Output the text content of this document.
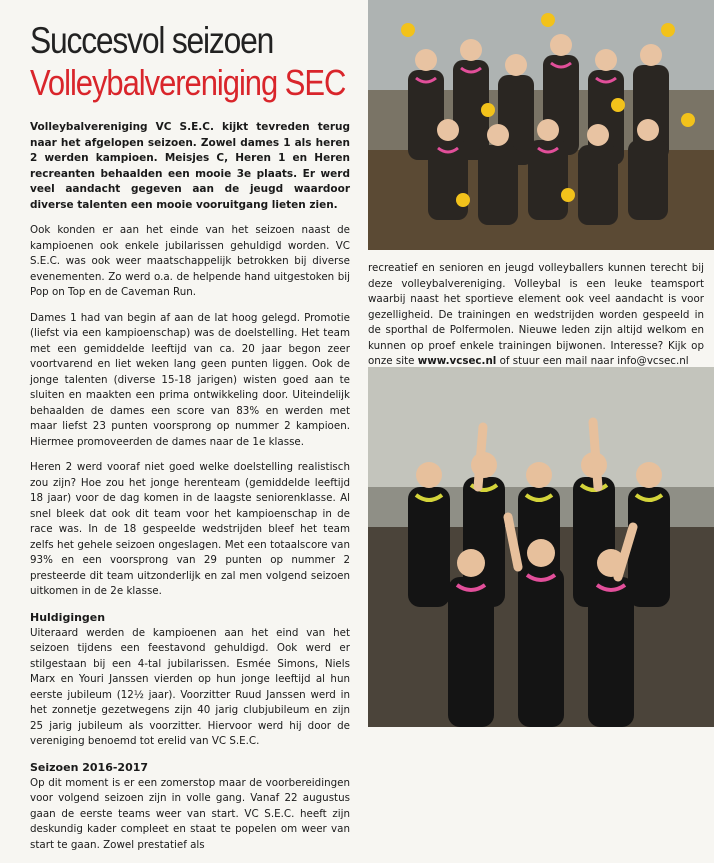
Succesvol seizoen
Volleybalvereniging SEC

Volleybalvereniging VC S.E.C. kijkt tevreden terug naar het afgelopen seizoen. Zowel dames 1 als heren 2 werden kampioen. Meisjes C, Heren 1 en Heren recreanten behaalden een mooie 3e plaats. Er werd veel aandacht gegeven aan de jeugd waardoor diverse talenten een mooie vooruitgang lieten zien.

Ook konden er aan het einde van het seizoen naast de kampioenen ook enkele jubilarissen gehuldigd worden. VC S.E.C. was ook weer maatschappelijk betrokken bij diverse evenementen. Zo werd o.a. de helpende hand uitgestoken bij Pop on Top en de Caveman Run.

Dames 1 had van begin af aan de lat hoog gelegd. Promotie (liefst via een kampioenschap) was de doelstelling. Het team met een gemiddelde leeftijd van ca. 20 jaar begon zeer voortvarend en liet weken lang geen punten liggen. Ook de jonge talenten (diverse 15-18 jarigen) wisten goed aan te sluiten en maakten een prima ontwikkeling door. Uiteindelijk behaalden de dames een score van 83% en werden met maar liefst 23 punten voorsprong op nummer 2 kampioen. Hiermee promoveerden de dames naar de 1e klasse.

Heren 2 werd vooraf niet goed welke doelstelling realistisch zou zijn? Hoe zou het jonge herenteam (gemiddelde leeftijd 18 jaar) voor de dag komen in de laagste seniorenklasse. Al snel bleek dat ook dit team voor het kampioenschap in de race was. In de 18 gespeelde wedstrijden bleef het team zelfs het gehele seizoen ongeslagen. Met een totaalscore van 93% en een voorsprong van 29 punten op nummer 2 presteerde dit team uitzonderlijk en zal men volgend seizoen uitkomen in de 2e klasse.

Huldigingen

Uiteraard werden de kampioenen aan het eind van het seizoen tijdens een feestavond gehuldigd. Ook werd er stilgestaan bij een 4-tal jubilarissen. Esmée Simons, Niels Marx en Youri Janssen vierden op hun jonge leeftijd al hun eerste jubileum (12½ jaar). Voorzitter Ruud Janssen werd in het zonnetje gezetwegens zijn 40 jarig clubjubileum en zijn 25 jarig jubileum als voorzitter. Hiervoor werd hij door de vereniging benoemd tot erelid van VC S.E.C.

Seizoen 2016-2017

Op dit moment is er een zomerstop maar de voorbereidingen voor volgend seizoen zijn in volle gang. Vanaf 22 augustus gaan de eerste teams weer van start. VC S.E.C. heeft zijn deskundig kader compleet en staat te popelen om weer van start te gaan. Zowel prestatief als

recreatief en senioren en jeugd volleyballers kunnen terecht bij deze volleybalvereniging. Volleybal is een leuke teamsport waarbij naast het sportieve element ook veel aandacht is voor gezelligheid. De trainingen en wedstrijden worden gespeeld in de sporthal de Polfermolen. Nieuwe leden zijn altijd welkom en kunnen op proef enkele trainingen bijwonen. Interesse? Kijk op onze site www.vcsec.nl of stuur een mail naar info@vcsec.nl
